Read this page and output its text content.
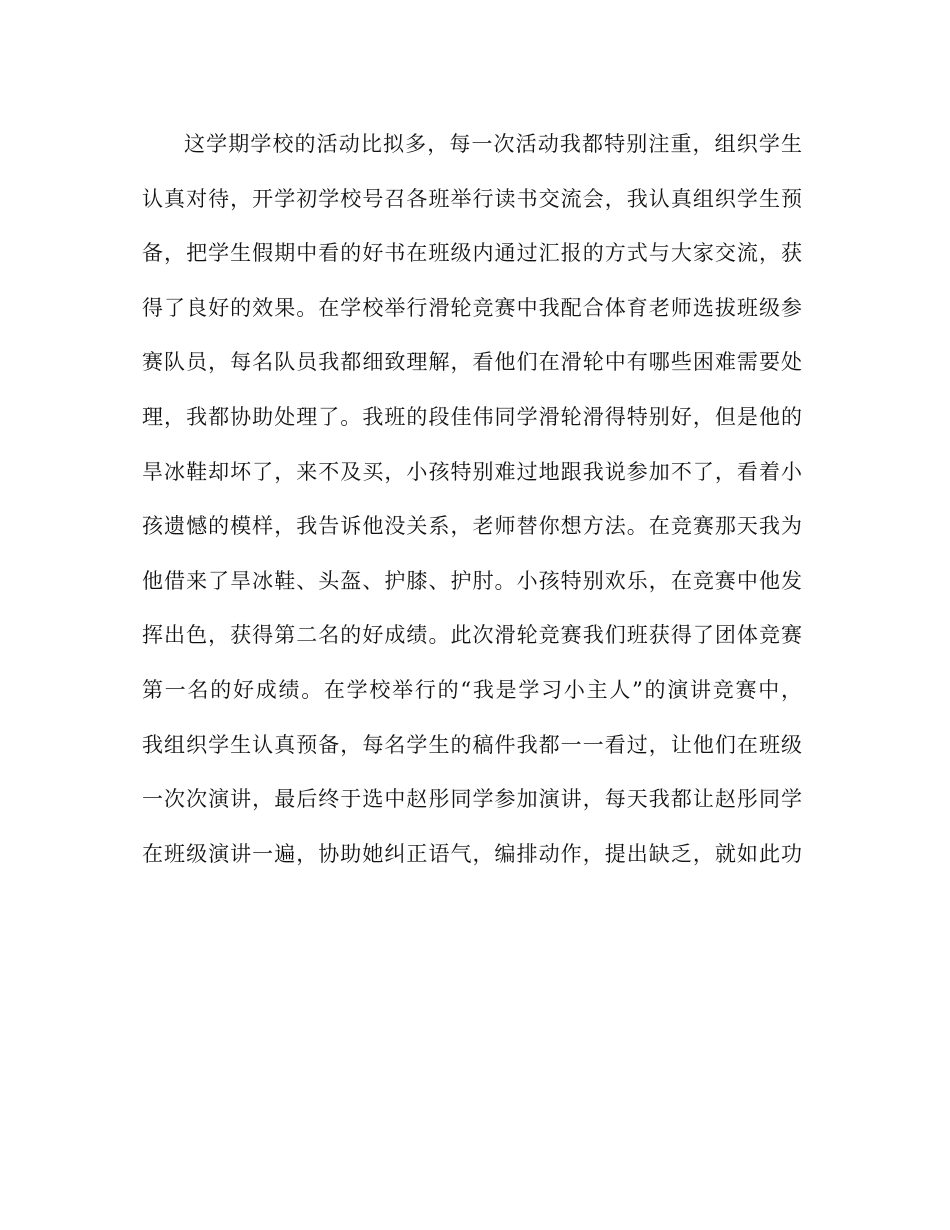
这学期学校的活动比拟多，每一次活动我都特别注重，组织学生
认真对待，开学初学校号召各班举行读书交流会，我认真组织学生预
备，把学生假期中看的好书在班级内通过汇报的方式与大家交流，获
得了良好的效果。在学校举行滑轮竞赛中我配合体育老师选拔班级参
赛队员，每名队员我都细致理解，看他们在滑轮中有哪些困难需要处
理，我都协助处理了。我班的段佳伟同学滑轮滑得特别好，但是他的
旱冰鞋却坏了，来不及买，小孩特别难过地跟我说参加不了，看着小
孩遗憾的模样，我告诉他没关系，老师替你想方法。在竞赛那天我为
他借来了旱冰鞋、头盔、护膝、护肘。小孩特别欢乐，在竞赛中他发
挥出色，获得第二名的好成绩。此次滑轮竞赛我们班获得了团体竞赛
第一名的好成绩。在学校举行的“我是学习小主人”的演讲竞赛中，
我组织学生认真预备，每名学生的稿件我都一一看过，让他们在班级
一次次演讲，最后终于选中赵彤同学参加演讲，每天我都让赵彤同学
在班级演讲一遍，协助她纠正语气，编排动作，提出缺乏，就如此功
